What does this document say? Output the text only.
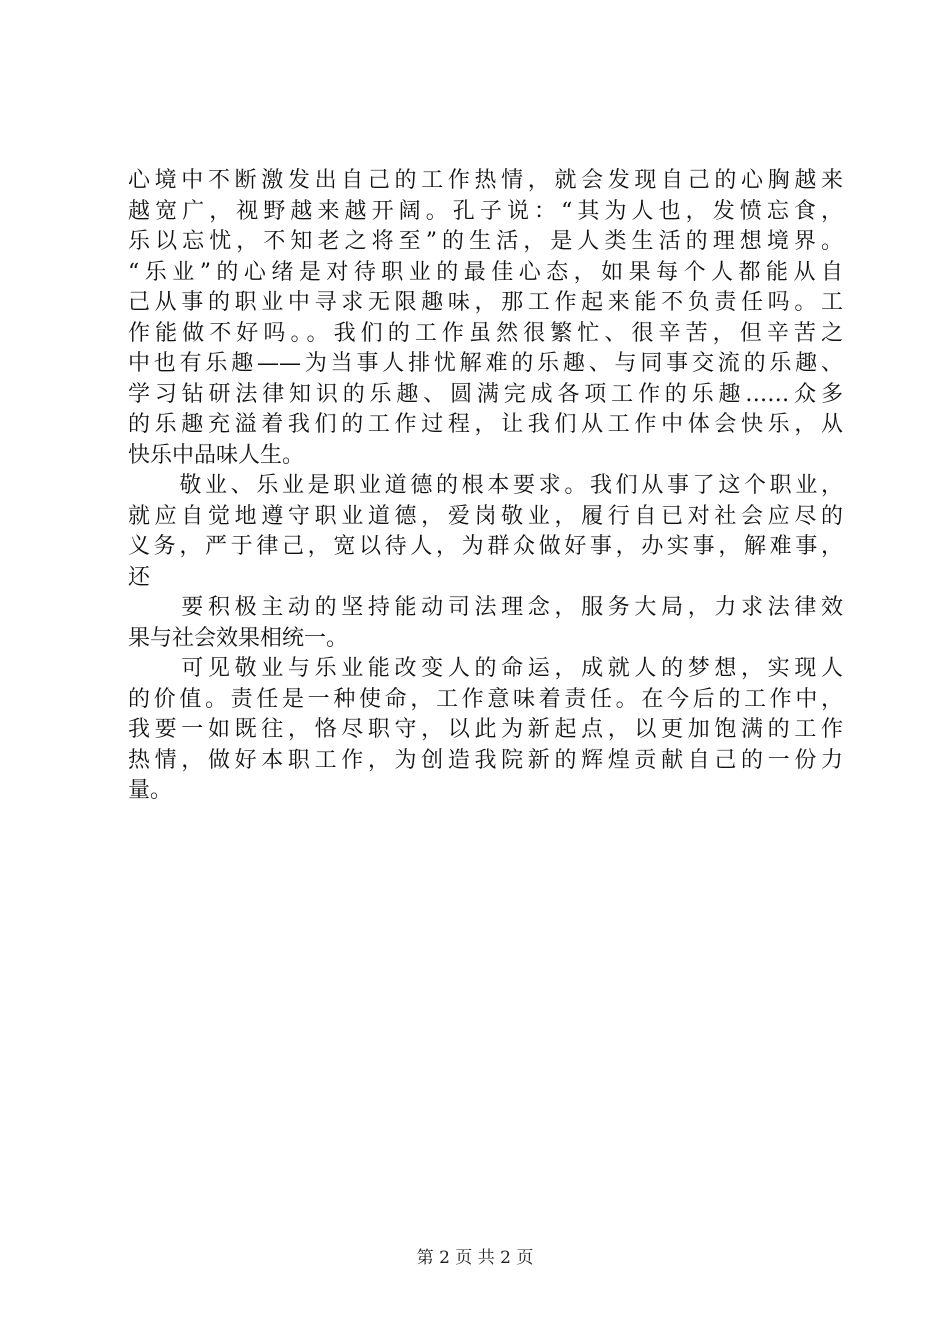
心境中不断激发出自己的工作热情，就会发现自己的心胸越来
越宽广，视野越来越开阔。孔子说：“其为人也，发愤忘食，
乐以忘忧，不知老之将至”的生活，是人类生活的理想境界。
“乐业”的心绪是对待职业的最佳心态，如果每个人都能从自
己从事的职业中寻求无限趣味，那工作起来能不负责任吗。工
作能做不好吗。。我们的工作虽然很繁忙、很辛苦，但辛苦之
中也有乐趣——为当事人排忧解难的乐趣、与同事交流的乐趣、
学习钻研法律知识的乐趣、圆满完成各项工作的乐趣……众多
的乐趣充溢着我们的工作过程，让我们从工作中体会快乐，从
快乐中品味人生。
　　敬业、乐业是职业道德的根本要求。我们从事了这个职业，
就应自觉地遵守职业道德，爱岗敬业，履行自已对社会应尽的
义务，严于律己，宽以待人，为群众做好事，办实事，解难事，
还
　　要积极主动的坚持能动司法理念，服务大局，力求法律效
果与社会效果相统一。
　　可见敬业与乐业能改变人的命运，成就人的梦想，实现人
的价值。责任是一种使命，工作意味着责任。在今后的工作中，
我要一如既往，恪尽职守，以此为新起点，以更加饱满的工作
热情，做好本职工作，为创造我院新的辉煌贡献自己的一份力
量。
第 2 页 共 2 页
